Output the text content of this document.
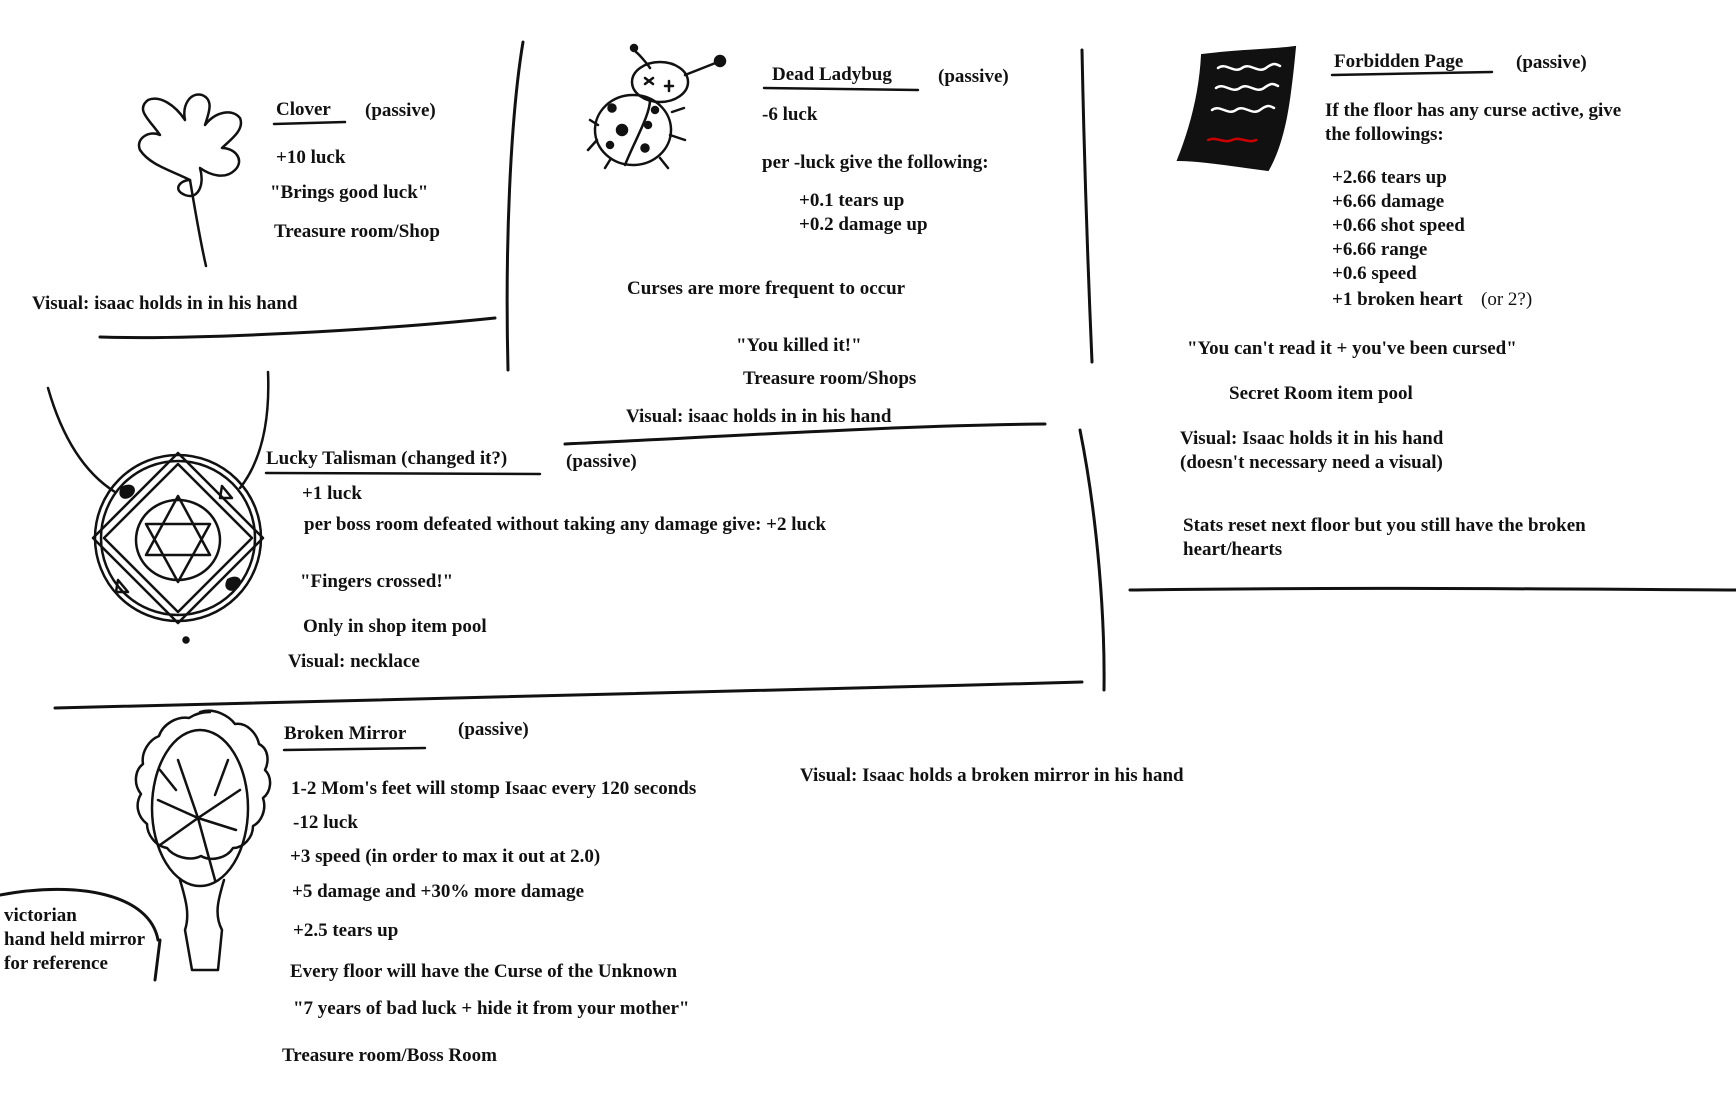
Clover (passive)
+10 luck
"Brings good luck"
Treasure room/Shop
Visual: isaac holds in in his hand
Dead Ladybug (passive)
-6 luck
per -luck give the following:
+0.1 tears up
+0.2 damage up
Curses are more frequent to occur
"You killed it!"
Treasure room/Shops
Visual: isaac holds in in his hand
Forbidden Page	(passive)
If the floor has any curse active, give
the followings:
+2.66 tears up
+6.66 damage
+0.66 shot speed
+6.66 range
+0.6 speed
+1 broken heart (or 2?)
"You can't read it + you've been cursed"
Secret Room item pool
Visual: Isaac holds it in his hand
(doesn't necessary need a visual)
Stats reset next floor but you still have the broken
heart/hearts
Lucky Talisman (changed it?)	(passive)
+1 luck
per boss room defeated without taking any damage give: +2 luck
"Fingers crossed!"
Only in shop item pool
Visual: necklace
Broken Mirror	(passive)
1-2 Mom's feet will stomp Isaac every 120 seconds
-12 luck
+3 speed (in order to max it out at 2.0)
+5 damage and +30% more damage
+2.5 tears up
Every floor will have the Curse of the Unknown
"7 years of bad luck + hide it from your mother"
Treasure room/Boss Room
Visual: Isaac holds a broken mirror in his hand
victorian
hand held mirror
for reference
